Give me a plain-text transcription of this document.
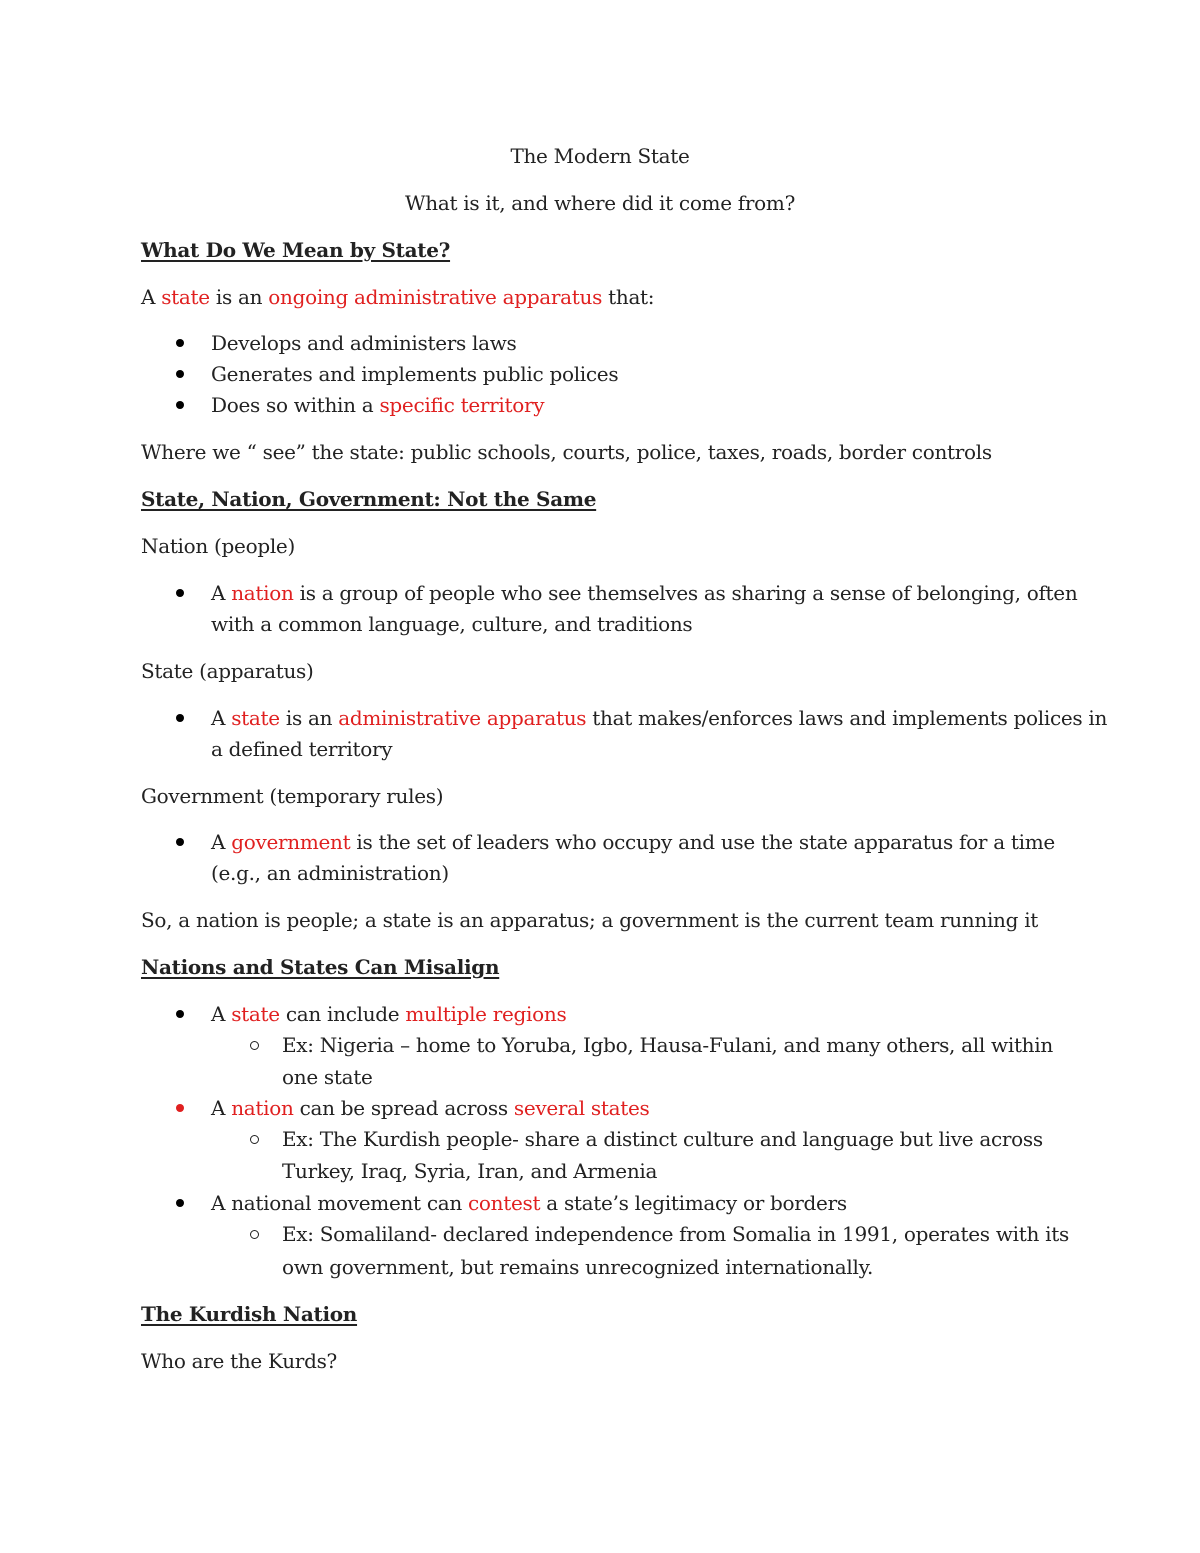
The Modern State
What is it, and where did it come from?
What Do We Mean by State?
A state is an ongoing administrative apparatus that:
Develops and administers laws
Generates and implements public polices
Does so within a specific territory
Where we “ see” the state: public schools, courts, police, taxes, roads, border controls
State, Nation, Government: Not the Same
Nation (people)
A nation is a group of people who see themselves as sharing a sense of belonging, often
with a common language, culture, and traditions
State (apparatus)
A state is an administrative apparatus that makes/enforces laws and implements polices in
a defined territory
Government (temporary rules)
A government is the set of leaders who occupy and use the state apparatus for a time
(e.g., an administration)
So, a nation is people; a state is an apparatus; a government is the current team running it
Nations and States Can Misalign
A state can include multiple regions
Ex: Nigeria – home to Yoruba, Igbo, Hausa-Fulani, and many others, all within
one state
A nation can be spread across several states
Ex: The Kurdish people- share a distinct culture and language but live across
Turkey, Iraq, Syria, Iran, and Armenia
A national movement can contest a state’s legitimacy or borders
Ex: Somaliland- declared independence from Somalia in 1991, operates with its
own government, but remains unrecognized internationally.
The Kurdish Nation
Who are the Kurds?
